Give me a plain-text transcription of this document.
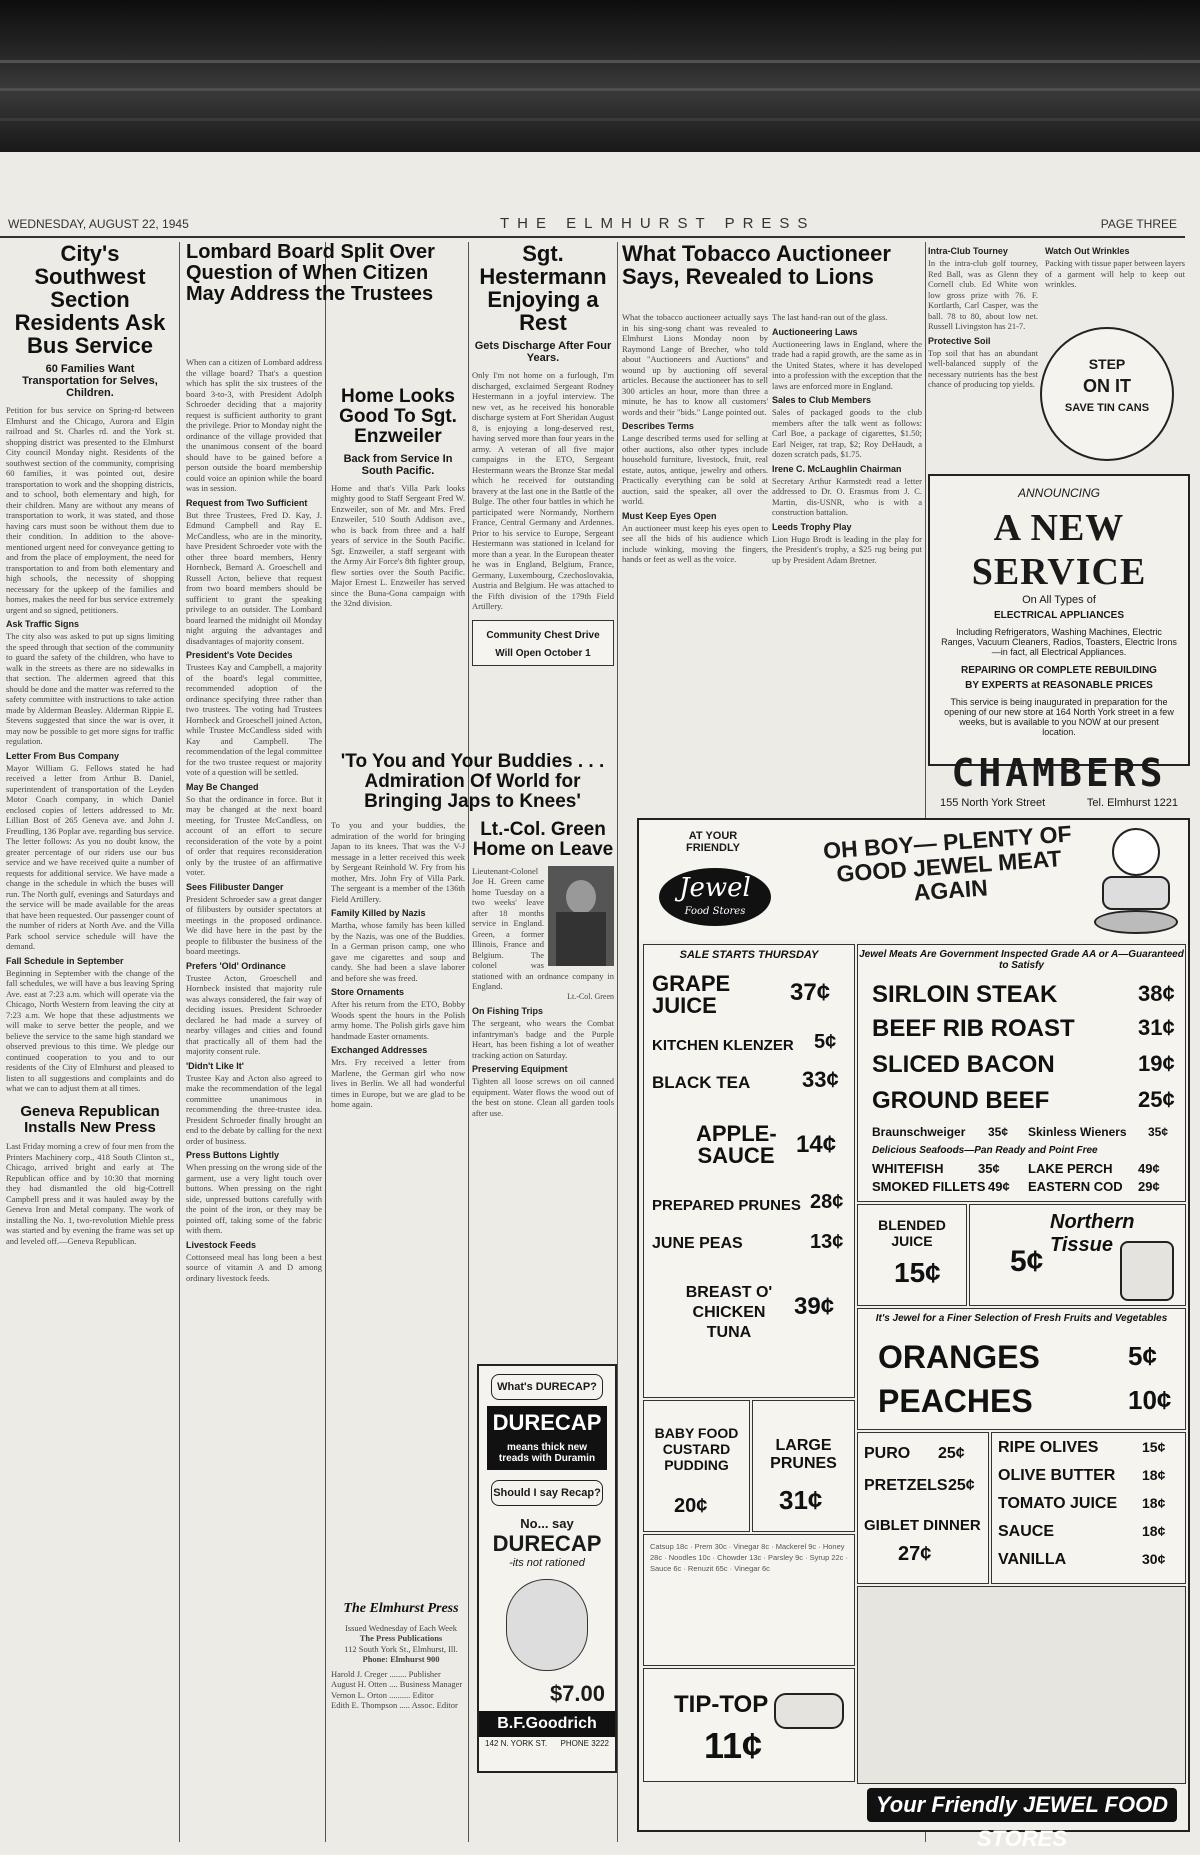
WEDNESDAY, AUGUST 22, 1945	THE ELMHURST PRESS	PAGE THREE
City's Southwest Section Residents Ask Bus Service

60 Families Want Transportation for Selves, Children.

Petition for bus service on Spring-rd between Elmhurst and the Chicago, Aurora and Elgin railroad and St. Charles rd. and the York st. shopping district was presented to the Elmhurst City council Monday night. Residents of the southwest section of the community, comprising 60 families, it was pointed out, desire transportation to work and the shopping districts, and to school, both elementary and high, for their children. Many are without any means of transportation to work, it was stated, and those having cars must soon be without them due to their condition. In addition to the above-mentioned urgent need for conveyance getting to and from the place of employment, the need for transportation to and from both elementary and high schools, the necessity of shopping necessary for the upkeep of the families and homes, makes the need for bus service extremely urgent and so signed, petitioners.

Ask Traffic Signs

The city also was asked to put up signs limiting the speed through that section of the community to guard the safety of the children, who have to walk in the streets as there are no sidewalks in that section. The aldermen agreed that this should be done and the matter was referred to the safety committee with instructions to take action made by Alderman Beasley. Alderman Rippie E. Stevens suggested that since the war is over, it may now be possible to get more signs for traffic regulation.

Letter From Bus Company

Mayor William G. Fellows stated he had received a letter from Arthur B. Daniel, superintendent of transportation of the Leyden Motor Coach company, in which Daniel enclosed copies of letters addressed to Mr. Lillian Bost of 265 Geneva ave. and John J. Freudling, 136 Poplar ave. regarding bus service. The letter follows: As you no doubt know, the greater percentage of our riders use our bus service and we have received quite a number of requests for additional service. We have made a change in the schedule in which the buses will run. The North gulf, evenings and Saturdays and the service will be made available for the areas that have been requested. Our passenger count of the number of riders at North Ave. and the Villa Park school service schedule will have the demand.

Fall Schedule in September

Beginning in September with the change of the fall schedules, we will have a bus leaving Spring Ave. east at 7:23 a.m. which will operate via the Chicago, North Western from leaving the city at 7:23 a.m. We hope that these adjustments we will make to serve better the people, and we believe the service to the same high standard we observed previous to this time. We pledge our continued cooperation to you and to our residents of the City of Elmhurst and pleased to listen to all suggestions and complaints and do what we can to adjust them at all times.

Geneva Republican Installs New Press

Last Friday morning a crew of four men from the Printers Machinery corp., 418 South Clinton st., Chicago, arrived bright and early at The Republican office and by 10:30 that morning they had dismantled the old big-Cottrell Campbell press and it was hauled away by the Geneva Iron and Metal company. The work of installing the No. 1, two-revolution Miehle press was started and by evening the frame was set up and leveled off.—Geneva Republican.

Lombard Board Split Over Question of When Citizen May Address the Trustees

When can a citizen of Lombard address the village board? That's a question which has split the six trustees of the board 3-to-3, with President Adolph Schroeder deciding that a majority request is sufficient authority to grant the privilege. Prior to Monday night the ordinance of the village provided that the unanimous consent of the board should have to be gained before a person outside the board membership could voice an opinion while the board was in session.

Request from Two Sufficient

But three Trustees, Fred D. Kay, J. Edmund Campbell and Ray E. McCandless, who are in the minority, have President Schroeder vote with the other three board members, Henry Hornbeck, Bernard A. Groeschell and Russell Acton, believe that request from two board members should be sufficient to grant the speaking privilege to an outsider. The Lombard board learned the midnight oil Monday night arguing the advantages and disadvantages of majority consent.

President's Vote Decides

Trustees Kay and Campbell, a majority of the board's legal committee, recommended adoption of the ordinance specifying three rather than two trustees. The voting had Trustees Hornbeck and Groeschell joined Acton, while Trustee McCandless sided with Kay and Campbell. The recommendation of the legal committee for the two trustee request or majority vote of a question will be settled.

May Be Changed

So that the ordinance in force. But it may be changed at the next board meeting, for Trustee McCandless, on account of an effort to secure reconsideration of the vote by a point of order that requires reconsideration only by the trustee of an affirmative voter.

Sees Filibuster Danger

President Schroeder saw a great danger of filibusters by outsider spectators at meetings in the proposed ordinance. We did have here in the past by the people to filibuster the business of the board meetings.

Prefers 'Old' Ordinance

Trustee Acton, Groeschell and Hornbeck insisted that majority rule was always considered, the fair way of deciding issues. President Schroeder declared he had made a survey of nearby villages and cities and found that practically all of them had the majority consent rule.

'Didn't Like It'

Trustee Kay and Acton also agreed to make the recommendation of the legal committee unanimous in recommending the three-trustee idea. President Schroeder finally brought an end to the debate by calling for the next order of business.

Press Buttons Lightly

When pressing on the wrong side of the garment, use a very light touch over buttons. When pressing on the right side, unpressed buttons carefully with the point of the iron, or they may be pointed off, taking some of the fabric with them.

Livestock Feeds

Cottonseed meal has long been a best source of vitamin A and D among ordinary livestock feeds.

Home Looks Good To Sgt. Enzweiler

Back from Service In South Pacific.

Home and that's Villa Park looks mighty good to Staff Sergeant Fred W. Enzweiler, son of Mr. and Mrs. Fred Enzweiler, 510 South Addison ave., who is back from three and a half years of service in the South Pacific. Sgt. Enzweiler, a staff sergeant with the Army Air Force's 8th fighter group, flew sorties over the South Pacific. Major Ernest L. Enzweiler has served since the Buna-Gona campaign with the 32nd division.

Sgt. Hestermann Enjoying a Rest

Gets Discharge After Four Years.

Only I'm not home on a furlough, I'm discharged, exclaimed Sergeant Rodney Hestermann in a joyful interview. The new vet, as he received his honorable discharge system at Fort Sheridan August 8, is enjoying a long-deserved rest, having served more than four years in the army. A veteran of all five major campaigns in the ETO, Sergeant Hestermann wears the Bronze Star medal which he received for outstanding bravery at the last one in the Battle of the Bulge. The other four battles in which he participated were Normandy, Northern France, Central Germany and Ardennes. Prior to his service to Europe, Sergeant Hestermann was stationed in Iceland for more than a year. In the European theater he was in England, Belgium, France, Germany, Luxembourg, Czechoslovakia, Austria and Belgium. He was attached to the Fifth division of the 179th Field Artillery.

Community Chest Drive Will Open October 1
'To You and Your Buddies . . . Admiration Of World for Bringing Japs to Knees'

To you and your buddies, the admiration of the world for bringing Japan to its knees. That was the V-J message in a letter received this week by Sergeant Reinhold W. Fry from his mother, Mrs. John Fry of Villa Park. The sergeant is a member of the 136th Field Artillery.

Family Killed by Nazis

Martha, whose family has been killed by the Nazis, was one of the Buddies. In a German prison camp, one who gave me cigarettes and soup and candy. She had been a slave laborer and before she was freed.

Store Ornaments

After his return from the ETO, Bobby Woods spent the hours in the Polish army home. The Polish girls gave him handmade Easter ornaments.

Exchanged Addresses

Mrs. Fry received a letter from Marlene, the German girl who now lives in Berlin. We all had wonderful times in Europe, but we are glad to be home again.

The Elmhurst Press

Issued Wednesday of Each Week

The Press Publications

112 South York St., Elmhurst, Ill.

Phone: Elmhurst 900

Harold J. Creger ........ Publisher

August H. Otten .... Business Manager

Vernon L. Orton .......... Editor

Edith E. Thompson ..... Assoc. Editor

Lt.-Col. Green Home on Leave

Lieutenant-Colonel Joe H. Green came home Tuesday on a two weeks' leave after 18 months service in England. Green, a former Illinois, France and Belgium. The colonel was stationed with an ordnance company in England.

Lt.-Col. Green

On Fishing Trips

The sergeant, who wears the Combat infantryman's badge and the Purple Heart, has been fishing a lot of weather tracking action on Saturday.

Preserving Equipment

Tighten all loose screws on oil canned equipment. Water flows the wood out of the best on stone. Clean all garden tools after use.

What's DURECAP?
DURECAP
means thick new treads with Duramin
Should I say Recap?
No... say
DURECAP
-its not rationed
$7.00
B.F.Goodrich
142 N. YORK ST. PHONE 3222
What Tobacco Auctioneer Says, Revealed to Lions

What the tobacco auctioneer actually says in his sing-song chant was revealed to Elmhurst Lions Monday noon by Raymond Lange of Brecher, who told about "Auctioneers and Auctions" and wound up by auctioning off several articles. Because the auctioneer has to sell 300 articles an hour, more than three a minute, he has to know all customers' words and their "bids." Lange pointed out.

Describes Terms

Lange described terms used for selling at other auctions, also other types include household furniture, livestock, fruit, real estate, autos, antique, jewelry and others. Practically everything can be sold at auction, said the speaker, all over the world.

Must Keep Eyes Open

An auctioneer must keep his eyes open to see all the bids of his audience which include winking, moving the fingers, hands or feet as well as the voice.

The last hand-ran out of the glass.

Auctioneering Laws

Auctioneering laws in England, where the trade had a rapid growth, are the same as in the United States, where it has developed into a profession with the exception that the laws are enforced more in England.

Sales to Club Members

Sales of packaged goods to the club members after the talk went as follows: Carl Boe, a package of cigarettes, $1.50; Earl Neiger, rat trap, $2; Roy DeHaudt, a dozen scratch pads, $1.75.

Irene C. McLaughlin Chairman

Secretary Arthur Karmstedt read a letter addressed to Dr. O. Erasmus from J. C. Martin, dis-USNR, who is with a construction battalion.

Leeds Trophy Play

Lion Hugo Brodt is leading in the play for the President's trophy, a $25 rug being put up by President Adam Bretner.

Intra-Club Tourney

In the intra-club golf tourney, Red Ball, was as Glenn they Cornell club. Ed White won low gross prize with 76. F. Kortlarth, Carl Casper, was the ball. 78 to 80, about low net. Russell Livingston has 21-7.

Protective Soil

Top soil that has an abundant well-balanced supply of the necessary nutrients has the best chance of producing top yields.

Watch Out Wrinkles

Packing with tissue paper between layers of a garment will help to keep out wrinkles.

STEP
ON IT
SAVE TIN CANS
ANNOUNCING
A NEW SERVICE
On All Types of
ELECTRICAL APPLIANCES
Including Refrigerators, Washing Machines, Electric Ranges, Vacuum Cleaners, Radios, Toasters, Electric Irons—in fact, all Electrical Appliances.
REPAIRING OR COMPLETE REBUILDING
BY EXPERTS at REASONABLE PRICES
This service is being inaugurated in preparation for the opening of our new store at 164 North York street in a few weeks, but is available to you NOW at our present location.
CHAMBERS
155 North York Street	Tel. Elmhurst 1221
AT YOUR FRIENDLY
Jewel
Food Stores
OH BOY— PLENTY OF GOOD JEWEL MEAT AGAIN
SALE STARTS THURSDAY
GRAPE JUICE	37¢
KITCHEN KLENZER 5¢
BLACK TEA 33¢
APPLE-SAUCE 14¢
PREPARED PRUNES 28¢
JUNE PEAS	13¢
BREAST O' CHICKEN TUNA
39¢
Jewel Meats Are Government Inspected Grade AA or A—Guaranteed to Satisfy
SIRLOIN STEAK	38¢
BEEF RIB ROAST	31¢
SLICED BACON	19¢
GROUND BEEF	25¢
Braunschweiger 35¢ Skinless Wieners 35¢
Delicious Seafoods—Pan Ready and Point Free
WHITEFISH	35¢ LAKE PERCH 49¢
SMOKED FILLETS 49¢ EASTERN COD 29¢
BLENDED JUICE
15¢
Northern Tissue
5¢
BABY FOOD CUSTARD PUDDING
20¢
LARGE PRUNES
31¢
It's Jewel for a Finer Selection of Fresh Fruits and Vegetables
ORANGES	5¢
PEACHES	10¢
PURO 25¢
PRETZELS 25¢
GIBLET DINNER
27¢
RIPE OLIVES	15¢
OLIVE BUTTER 18¢
TOMATO JUICE 18¢
SAUCE	18¢
VANILLA	30¢
Catsup 18c · Prem 30c · Vinegar 8c · Mackerel 9c · Honey 28c · Noodles 10c · Chowder 13c · Parsley 9c · Syrup 22c · Sauce 6c · Renuzit 65c · Vinegar 6c
TIP-TOP
11¢
Your Friendly JEWEL FOOD STORES
